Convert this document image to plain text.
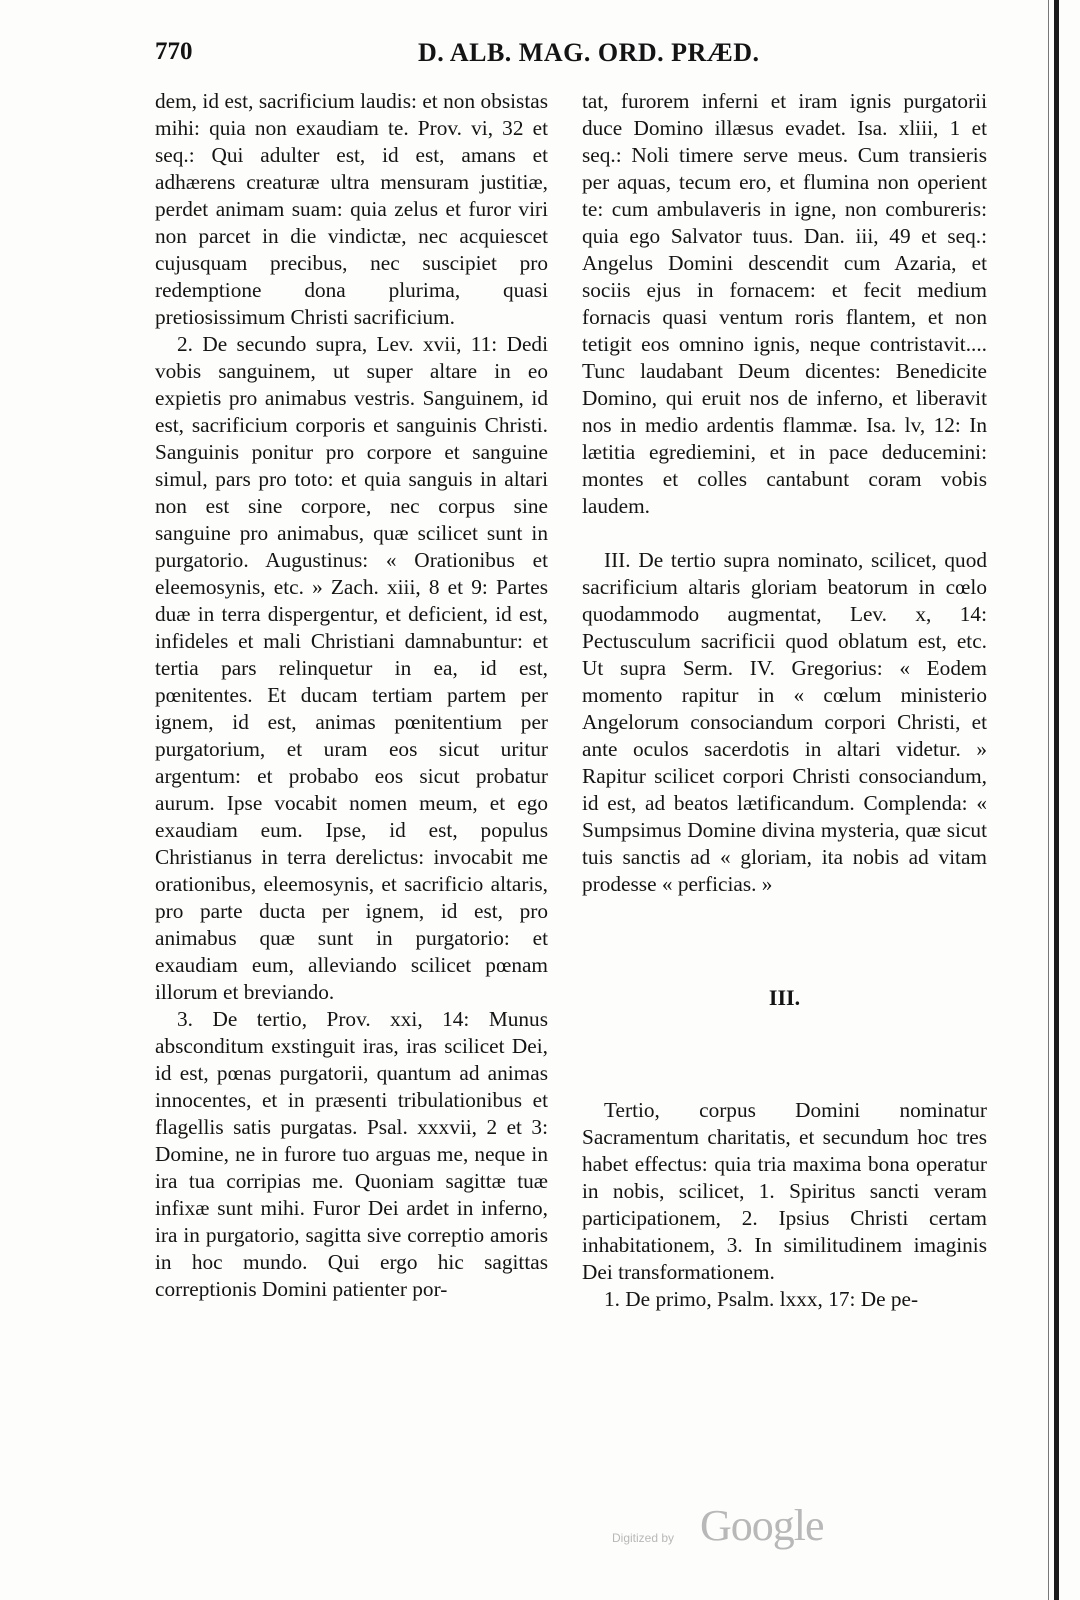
770	D. ALB. MAG. ORD. PRÆD.

dem, id est, sacrificium laudis: et non obsistas mihi: quia non exaudiam te. Prov. vi, 32 et seq.: Qui adulter est, id est, amans et adhærens creaturæ ultra mensuram justitiæ, perdet animam suam: quia zelus et furor viri non parcet in die vindictæ, nec acquiescet cujusquam precibus, nec suscipiet pro redemptione dona plurima, quasi pretiosissimum Christi sacrificium.

2. De secundo supra, Lev. xvii, 11: Dedi vobis sanguinem, ut super altare in eo expietis pro animabus vestris. Sanguinem, id est, sacrificium corporis et sanguinis Christi. Sanguinis ponitur pro corpore et sanguine simul, pars pro toto: et quia sanguis in altari non est sine corpore, nec corpus sine sanguine pro animabus, quæ scilicet sunt in purgatorio. Augustinus: « Orationibus et eleemosynis, etc. » Zach. xiii, 8 et 9: Partes duæ in terra dispergentur, et deficient, id est, infideles et mali Christiani damnabuntur: et tertia pars relinquetur in ea, id est, pœnitentes. Et ducam tertiam partem per ignem, id est, animas pœnitentium per purgatorium, et uram eos sicut uritur argentum: et probabo eos sicut probatur aurum. Ipse vocabit nomen meum, et ego exaudiam eum. Ipse, id est, populus Christianus in terra derelictus: invocabit me orationibus, eleemosynis, et sacrificio altaris, pro parte ducta per ignem, id est, pro animabus quæ sunt in purgatorio: et exaudiam eum, alleviando scilicet pœnam illorum et breviando.

3. De tertio, Prov. xxi, 14: Munus absconditum exstinguit iras, iras scilicet Dei, id est, pœnas purgatorii, quantum ad animas innocentes, et in præsenti tribulationibus et flagellis satis purgatas. Psal. xxxvii, 2 et 3: Domine, ne in furore tuo arguas me, neque in ira tua corripias me. Quoniam sagittæ tuæ infixæ sunt mihi. Furor Dei ardet in inferno, ira in purgatorio, sagitta sive correptio amoris in hoc mundo. Qui ergo hic sagittas correptionis Domini patienter por-

tat, furorem inferni et iram ignis purgatorii duce Domino illæsus evadet. Isa. xliii, 1 et seq.: Noli timere serve meus. Cum transieris per aquas, tecum ero, et flumina non operient te: cum ambulaveris in igne, non combureris: quia ego Salvator tuus. Dan. iii, 49 et seq.: Angelus Domini descendit cum Azaria, et sociis ejus in fornacem: et fecit medium fornacis quasi ventum roris flantem, et non tetigit eos omnino ignis, neque contristavit.... Tunc laudabant Deum dicentes: Benedicite Domino, qui eruit nos de inferno, et liberavit nos in medio ardentis flammæ. Isa. lv, 12: In lætitia egrediemini, et in pace deducemini: montes et colles cantabunt coram vobis laudem.

III. De tertio supra nominato, scilicet, quod sacrificium altaris gloriam beatorum in cœlo quodammodo augmentat, Lev. x, 14: Pectusculum sacrificii quod oblatum est, etc. Ut supra Serm. IV. Gregorius: « Eodem momento rapitur in « cœlum ministerio Angelorum consociandum corpori Christi, et ante oculos sacerdotis in altari videtur. » Rapitur scilicet corpori Christi consociandum, id est, ad beatos lætificandum. Complenda: « Sumpsimus Domine divina mysteria, quæ sicut tuis sanctis ad « gloriam, ita nobis ad vitam prodesse « perficias. »

III.

Tertio, corpus Domini nominatur Sacramentum charitatis, et secundum hoc tres habet effectus: quia tria maxima bona operatur in nobis, scilicet, 1. Spiritus sancti veram participationem, 2. Ipsius Christi certam inhabitationem, 3. In similitudinem imaginis Dei transformationem.

1. De primo, Psalm. lxxx, 17: De pe-

Digitized by Google
